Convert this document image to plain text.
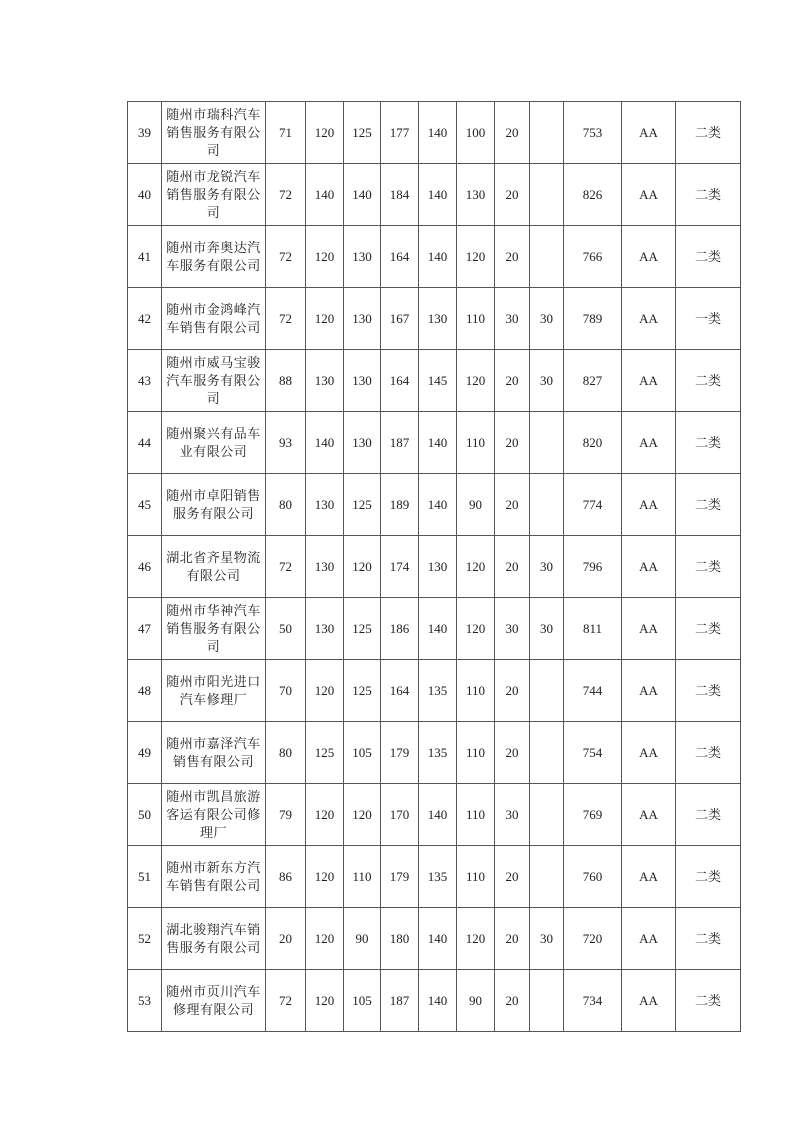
39	随州市瑞科汽车销售服务有限公司	71	120	125	177	140	100	20		753	AA	二类
40	随州市龙锐汽车销售服务有限公司	72	140	140	184	140	130	20		826	AA	二类
41	随州市奔奥达汽车服务有限公司	72	120	130	164	140	120	20		766	AA	二类
42	随州市金鸿峰汽车销售有限公司	72	120	130	167	130	110	30	30	789	AA	一类
43	随州市威马宝骏汽车服务有限公司	88	130	130	164	145	120	20	30	827	AA	二类
44	随州聚兴有品车业有限公司	93	140	130	187	140	110	20		820	AA	二类
45	随州市卓阳销售服务有限公司	80	130	125	189	140	90	20		774	AA	二类
46	湖北省齐星物流有限公司	72	130	120	174	130	120	20	30	796	AA	二类
47	随州市华神汽车销售服务有限公司	50	130	125	186	140	120	30	30	811	AA	二类
48	随州市阳光进口汽车修理厂	70	120	125	164	135	110	20		744	AA	二类
49	随州市嘉泽汽车销售有限公司	80	125	105	179	135	110	20		754	AA	二类
50	随州市凯昌旅游客运有限公司修理厂	79	120	120	170	140	110	30		769	AA	二类
51	随州市新东方汽车销售有限公司	86	120	110	179	135	110	20		760	AA	二类
52	湖北骏翔汽车销售服务有限公司	20	120	90	180	140	120	20	30	720	AA	二类
53	随州市页川汽车修理有限公司	72	120	105	187	140	90	20		734	AA	二类
